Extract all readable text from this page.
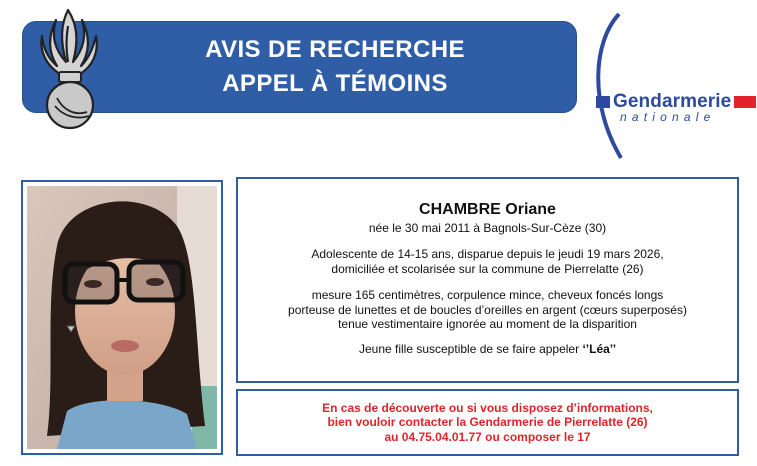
AVIS DE RECHERCHE
APPEL À TÉMOINS
Gendarmerie
nationale
CHAMBRE Oriane
née le 30 mai 2011 à Bagnols-Sur-Cèze (30)
Adolescente de 14-15 ans, disparue depuis le jeudi 19 mars 2026,
domiciliée et scolarisée sur la commune de Pierrelatte (26)
mesure 165 centimètres, corpulence mince, cheveux foncés longs
porteuse de lunettes et de boucles d’oreilles en argent (cœurs superposés)
tenue vestimentaire ignorée au moment de la disparition
Jeune fille susceptible de se faire appeler ‘’Léa’’
En cas de découverte ou si vous disposez d’informations,
bien vouloir contacter la Gendarmerie de Pierrelatte (26)
au 04.75.04.01.77 ou composer le 17
